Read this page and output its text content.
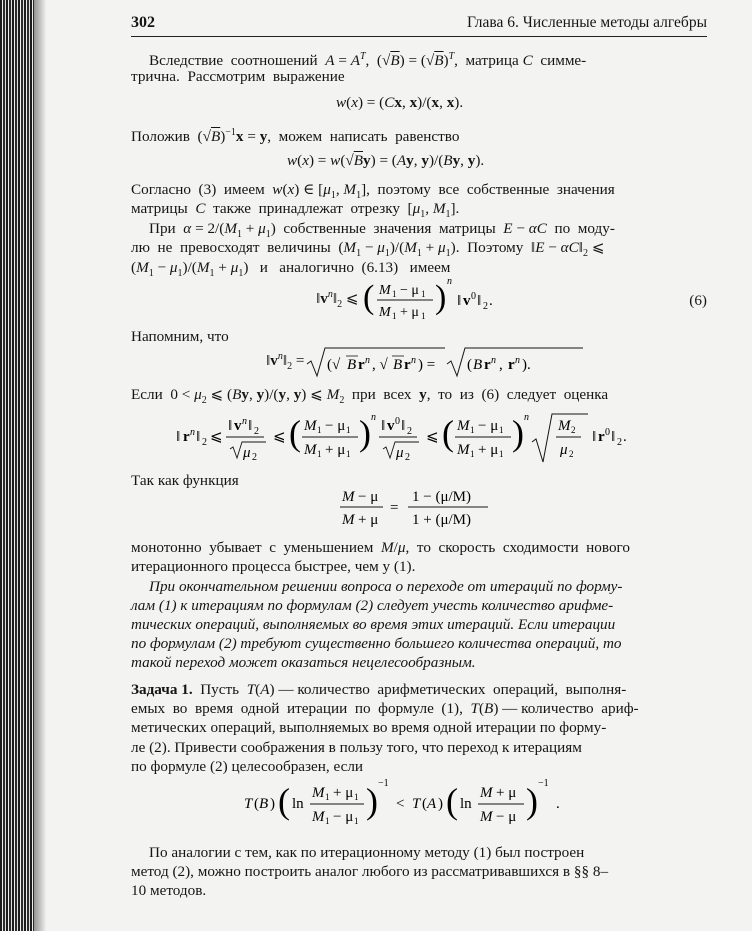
302	Глава 6. Численные методы алгебры
Вследствие  соотношений  $A = A^T$,  $(√B) = (√B)^T$,  матрица C  симме-
трична.  Рассмотрим  выражение
w(x) = (Cx, x)/(x, x).
Положив  $(√B)^{-1}x = y$,  можем  написать  равенство
w(x) = w(√By) = (Ay, y)/(By, y).
Согласно  (3)  имеем  w(x) ∈ [$\mu_1$, $M_1$],  поэтому  все  собственные  значения
матрицы  C  также  принадлежат  отрезку  [$\mu_1$, $M_1$].
При  $\alpha = 2/(M_1 + \mu_1)$  собственные  значения  матрицы  E − αC  по  моду-
лю  не  превосходят  величины  $(M_1 - \mu_1)/(M_1 + \mu_1)$.  Поэтому  ‖E − $\alpha C‖_2$ ⩽
$(M_1 - \mu_1)/(M_1 + \mu_1)$   и   аналогично  (6.13)   имеем
$‖v^n‖_2$ ⩽ ( M 1 − μ 1
M 1 + μ 1 ) n
‖ v 0 ‖ 2 .	(6)
Напомним, что
$‖v^n‖_2$ = (√ B r n , √ B r n ) = ( B r n , r n ).
Если  $0 < \mu_2$ ⩽ (By, y)/(y, y) ⩽ $M_2$  при  всех  y,  то  из  (6)  следует  оценка
‖ r n ‖ 2 ⩽
‖ v n ‖ 2
μ 2
⩽ ( M 1 − μ 1
M 1 + μ 1
) n
‖ v 0 ‖ 2
μ 2
⩽ ( M 1 − μ 1
M 1 + μ 1
) n
M 2
μ 2
‖ r 0 ‖ 2 .
Так как функция
M − μ
M + μ
=
1 − (μ/M)
1 + (μ/M)
монотонно  убывает  с  уменьшением  M/μ,  то  скорость  сходимости  нового
итерационного процесса быстрее, чем у (1).
При окончательном решении вопроса о переходе от итераций по форму-
лам (1) к итерациям по формулам (2) следует учесть количество арифме-
тических операций, выполняемых во время этих итераций. Если итерации
по формулам (2) требуют существенно большего количества операций, то
такой переход может оказаться нецелесообразным.
Задача 1.  Пусть  T(A) — количество  арифметических  операций,  выполня-
емых  во  время  одной  итерации  по  формуле  (1),  T(B) — количество  ариф-
метических операций, выполняемых во время одной итерации по форму-
ле (2). Привести соображения в пользу того, что переход к итерациям
по формуле (2) целесообразен, если
T ( B ) ( ln
M 1 + μ 1
M 1 − μ 1 ) −1
< T ( A ) ( ln
M + μ
M − μ ) −1
.
По аналогии с тем, как по итерационному методу (1) был построен
метод (2), можно построить аналог любого из рассматривавшихся в §§ 8–
10 методов.
